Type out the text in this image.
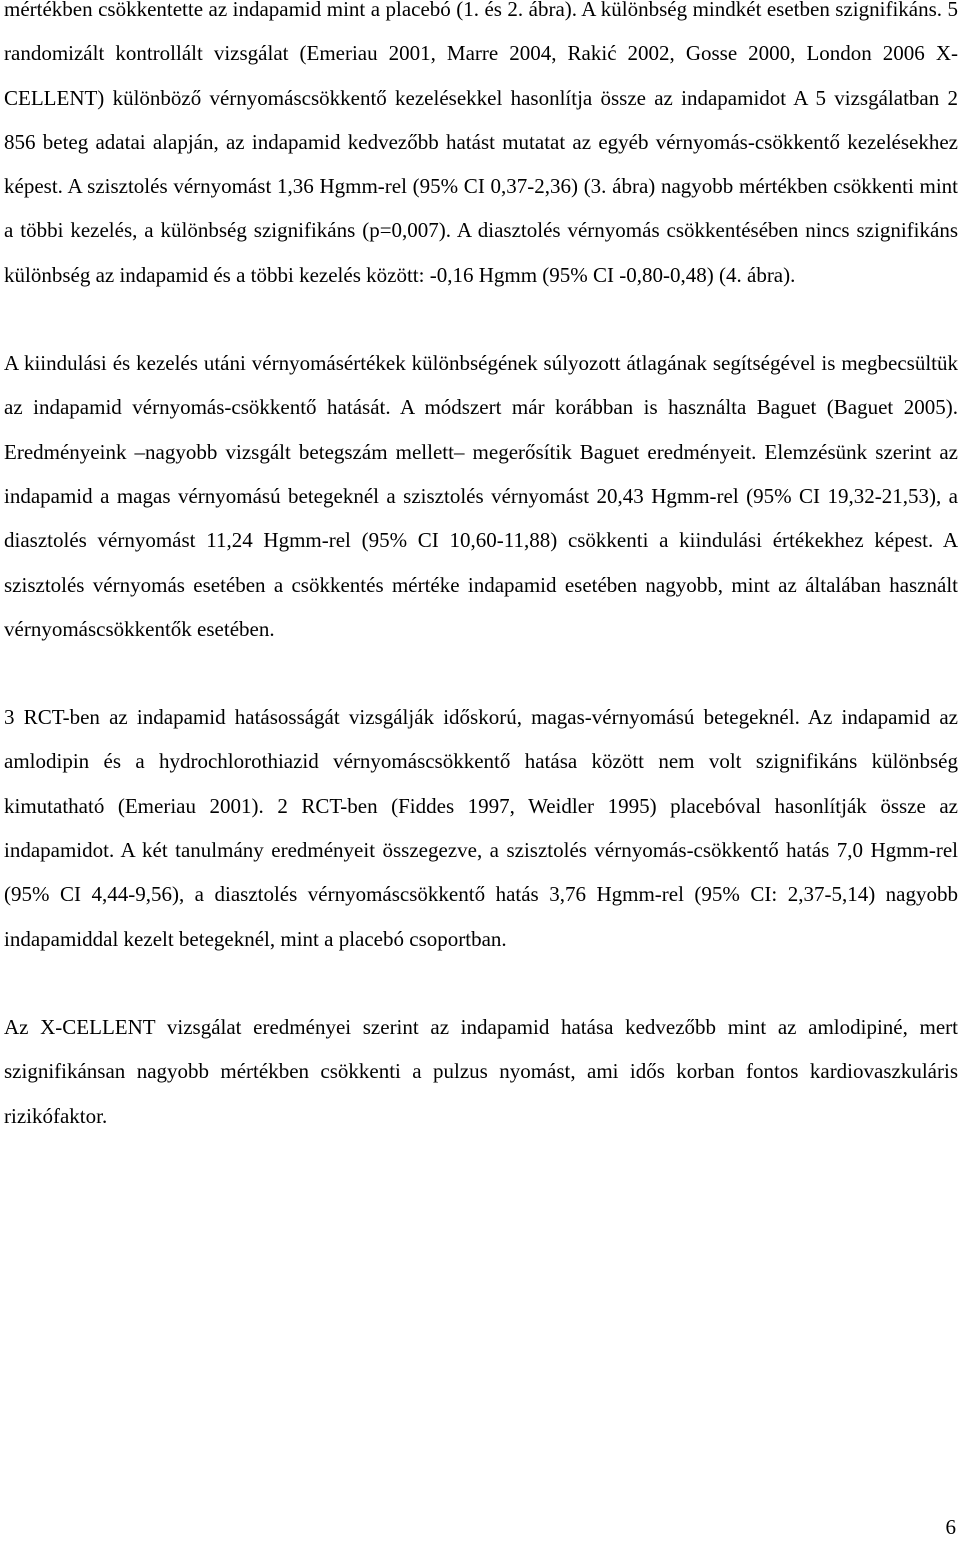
mértékben csökkentette az indapamid mint a placebó (1. és 2. ábra). A különbség mindkét esetben szignifikáns. 5 randomizált kontrollált vizsgálat (Emeriau 2001, Marre 2004, Rakić 2002, Gosse 2000, London 2006 X-CELLENT) különböző vérnyomáscsökkentő kezelésekkel hasonlítja össze az indapamidot A 5 vizsgálatban 2 856 beteg adatai alapján, az indapamid kedvezőbb hatást mutatat az egyéb vérnyomás-csökkentő kezelésekhez képest. A szisztolés vérnyomást 1,36 Hgmm-rel (95% CI 0,37-2,36) (3. ábra) nagyobb mértékben csökkenti mint a többi kezelés, a különbség szignifikáns (p=0,007). A diasztolés vérnyomás csökkentésében nincs szignifikáns különbség az indapamid és a többi kezelés között: -0,16 Hgmm (95% CI -0,80-0,48) (4. ábra).

A kiindulási és kezelés utáni vérnyomásértékek különbségének súlyozott átlagának segítségével is megbecsültük az indapamid vérnyomás-csökkentő hatását. A módszert már korábban is használta Baguet (Baguet 2005). Eredményeink –nagyobb vizsgált betegszám mellett– megerősítik Baguet eredményeit. Elemzésünk szerint az indapamid a magas vérnyomású betegeknél a szisztolés vérnyomást 20,43 Hgmm-rel (95% CI 19,32-21,53), a diasztolés vérnyomást 11,24 Hgmm-rel (95% CI 10,60-11,88) csökkenti a kiindulási értékekhez képest. A szisztolés vérnyomás esetében a csökkentés mértéke indapamid esetében nagyobb, mint az általában használt vérnyomáscsökkentők esetében.

3 RCT-ben az indapamid hatásosságát vizsgálják időskorú, magas-vérnyomású betegeknél. Az indapamid az amlodipin és a hydrochlorothiazid vérnyomáscsökkentő hatása között nem volt szignifikáns különbség kimutatható (Emeriau 2001). 2 RCT-ben (Fiddes 1997, Weidler 1995) placebóval hasonlítják össze az indapamidot. A két tanulmány eredményeit összegezve, a szisztolés vérnyomás-csökkentő hatás 7,0 Hgmm-rel (95% CI 4,44-9,56), a diasztolés vérnyomáscsökkentő hatás 3,76 Hgmm-rel (95% CI: 2,37-5,14) nagyobb indapamiddal kezelt betegeknél, mint a placebó csoportban.

Az X-CELLENT vizsgálat eredményei szerint az indapamid hatása kedvezőbb mint az amlodipiné, mert szignifikánsan nagyobb mértékben csökkenti a pulzus nyomást, ami idős korban fontos kardiovaszkuláris rizikófaktor.

6
